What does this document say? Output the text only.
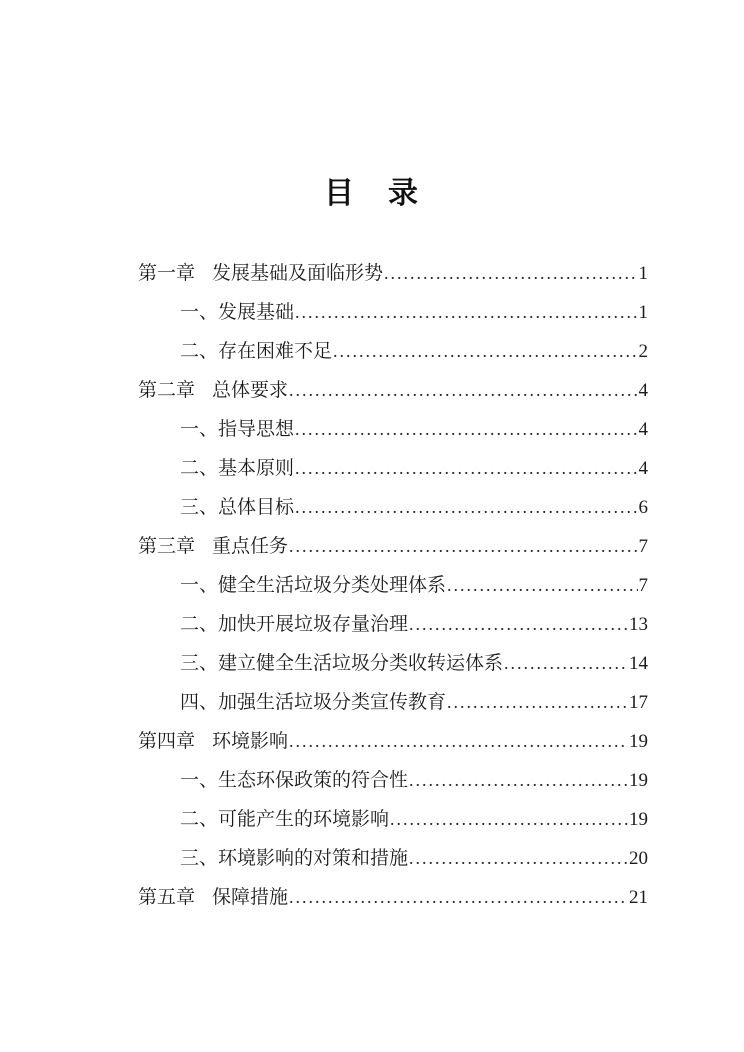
目　录
第一章 发展基础及面临形势 .....	1
一、 发展基础 .....	1
二、 存在困难不足 .....	2
第二章 总体要求 .....	4
一、 指导思想 .....	4
二、 基本原则 .....	4
三、 总体目标 .....	6
第三章 重点任务 .....	7
一、 健全生活垃圾分类处理体系 .....	7
二、 加快开展垃圾存量治理 .....	13
三、 建立健全生活垃圾分类收转运体系 .....	14
四、 加强生活垃圾分类宣传教育 .....	17
第四章 环境影响 .....	19
一、 生态环保政策的符合性 .....	19
二、 可能产生的环境影响 .....	19
三、 环境影响的对策和措施 .....	20
第五章 保障措施 .....	21
